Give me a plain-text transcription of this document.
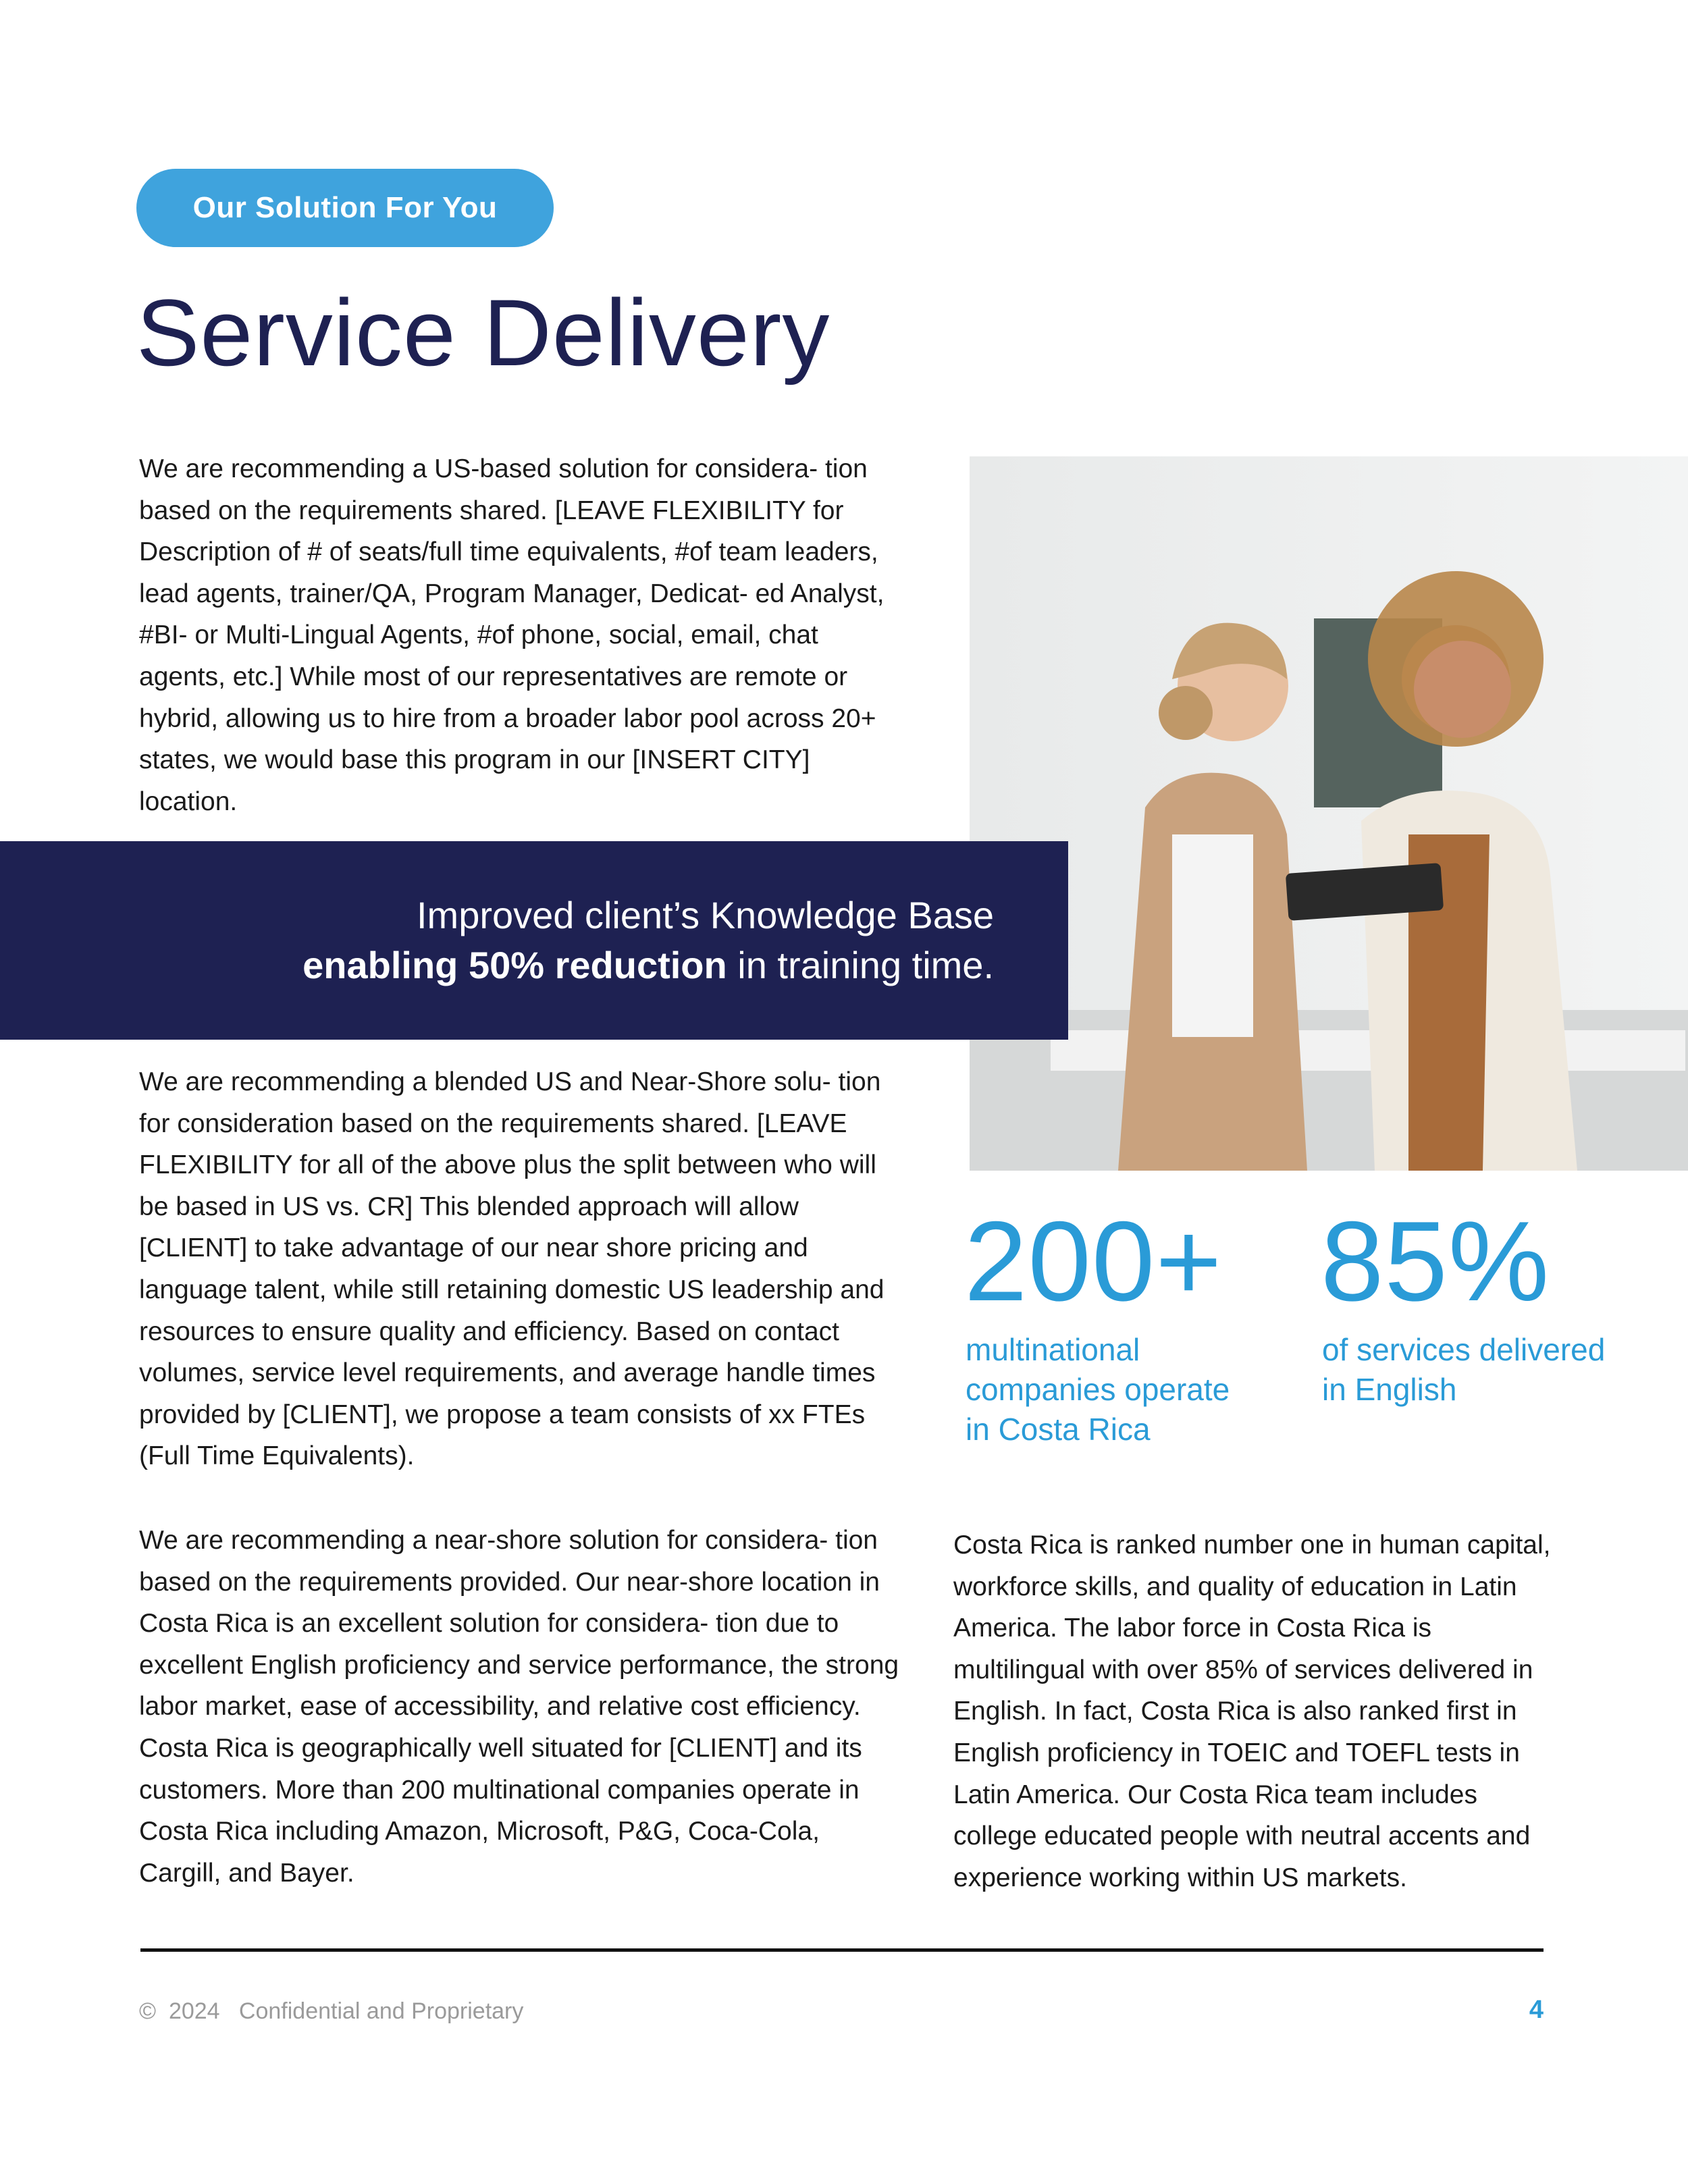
Our Solution For You
Service Delivery

We are recommending a US-based solution for considera- tion based on the requirements shared. [LEAVE FLEXIBILITY for Description of # of seats/full time equivalents, #of team leaders, lead agents, trainer/QA, Program Manager, Dedicat- ed Analyst, #BI- or Multi-Lingual Agents, #of phone, social, email, chat agents, etc.] While most of our representatives are remote or hybrid, allowing us to hire from a broader labor pool across 20+ states, we would base this program in our [INSERT CITY] location.

Improved client’s Knowledge Base
enabling 50% reduction in training time.

We are recommending a blended US and Near-Shore solu- tion for consideration based on the requirements shared. [LEAVE FLEXIBILITY for all of the above plus the split between who will be based in US vs. CR] This blended approach will allow [CLIENT] to take advantage of our near shore pricing and language talent, while still retaining domestic US leadership and resources to ensure quality and efficiency. Based on contact volumes, service level requirements, and average handle times provided by [CLIENT], we propose a team consists of xx FTEs (Full Time Equivalents).

200+
multinational companies operate in Costa Rica
85%
of services delivered in English

We are recommending a near-shore solution for considera- tion based on the requirements provided. Our near-shore location in Costa Rica is an excellent solution for considera- tion due to excellent English proficiency and service performance, the strong labor market, ease of accessibility, and relative cost efficiency. Costa Rica is geographically well situated for [CLIENT] and its customers. More than 200 multinational companies operate in Costa Rica including Amazon, Microsoft, P&G, Coca-Cola, Cargill, and Bayer.

Costa Rica is ranked number one in human capital, workforce skills, and quality of education in Latin America. The labor force in Costa Rica is multilingual with over 85% of services delivered in English. In fact, Costa Rica is also ranked first in English proficiency in TOEIC and TOEFL tests in Latin America. Our Costa Rica team includes college educated people with neutral accents and experience working within US markets.

©  2024   Confidential and Proprietary	4
